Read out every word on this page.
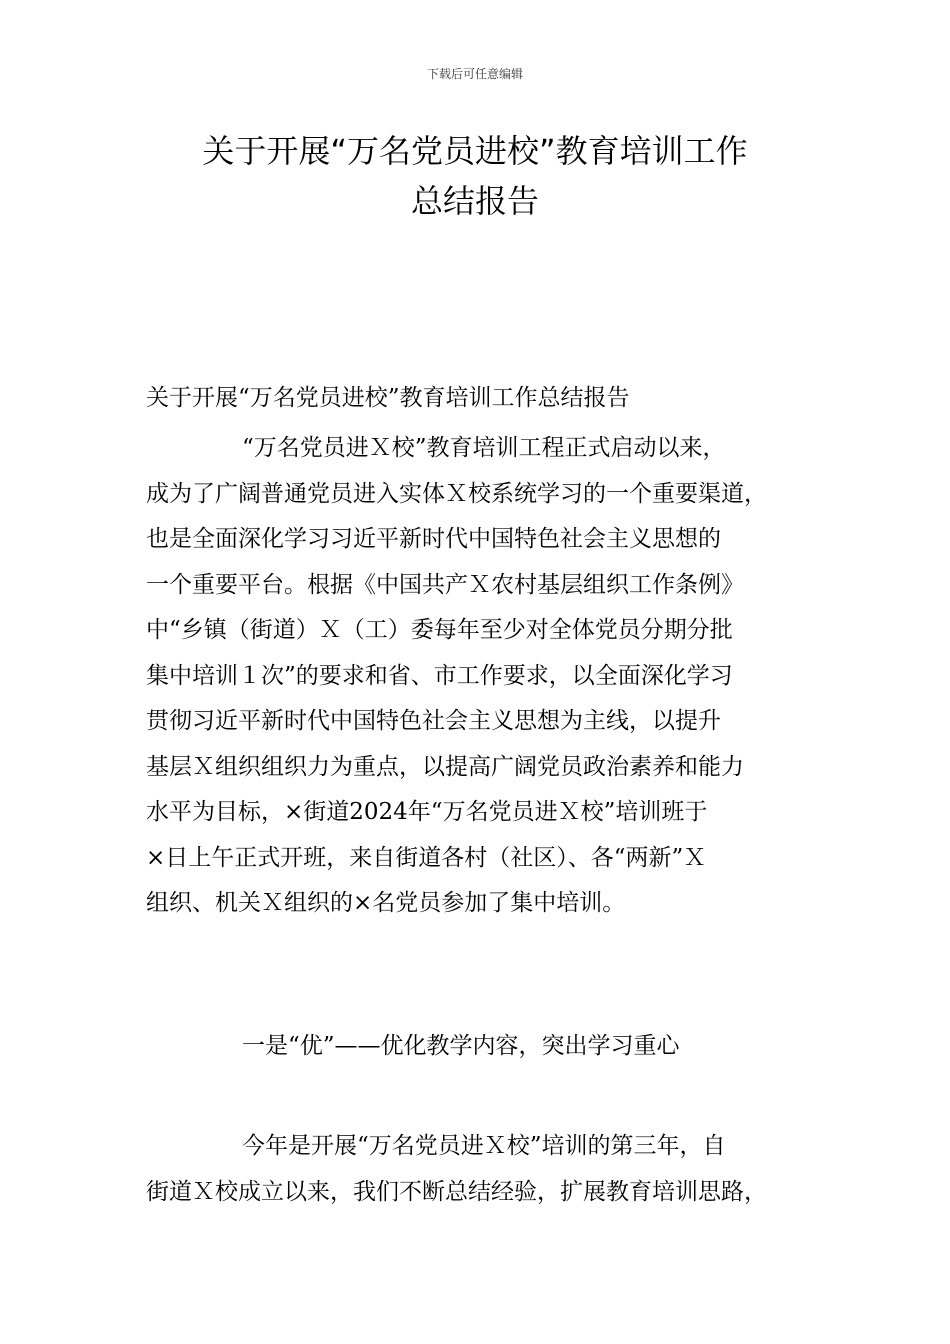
下载后可任意编辑
关于开展“万名党员进校”教育培训工作
总结报告
关于开展“万名党员进校”教育培训工作总结报告
“万名党员进Ｘ校”教育培训工程正式启动以来，
成为了广阔普通党员进入实体Ｘ校系统学习的一个重要渠道，
也是全面深化学习习近平新时代中国特色社会主义思想的
一个重要平台。根据《中国共产Ｘ农村基层组织工作条例》
中“乡镇（街道）Ｘ（工）委每年至少对全体党员分期分批
集中培训１次”的要求和省、市工作要求，以全面深化学习
贯彻习近平新时代中国特色社会主义思想为主线，以提升
基层Ｘ组织组织力为重点，以提高广阔党员政治素养和能力
水平为目标，×街道2024年“万名党员进Ｘ校”培训班于
×日上午正式开班，来自街道各村（社区）、各“两新”Ｘ
组织、机关Ｘ组织的×名党员参加了集中培训。
一是“优”——优化教学内容，突出学习重心
今年是开展“万名党员进Ｘ校”培训的第三年，自
街道Ｘ校成立以来，我们不断总结经验，扩展教育培训思路，
